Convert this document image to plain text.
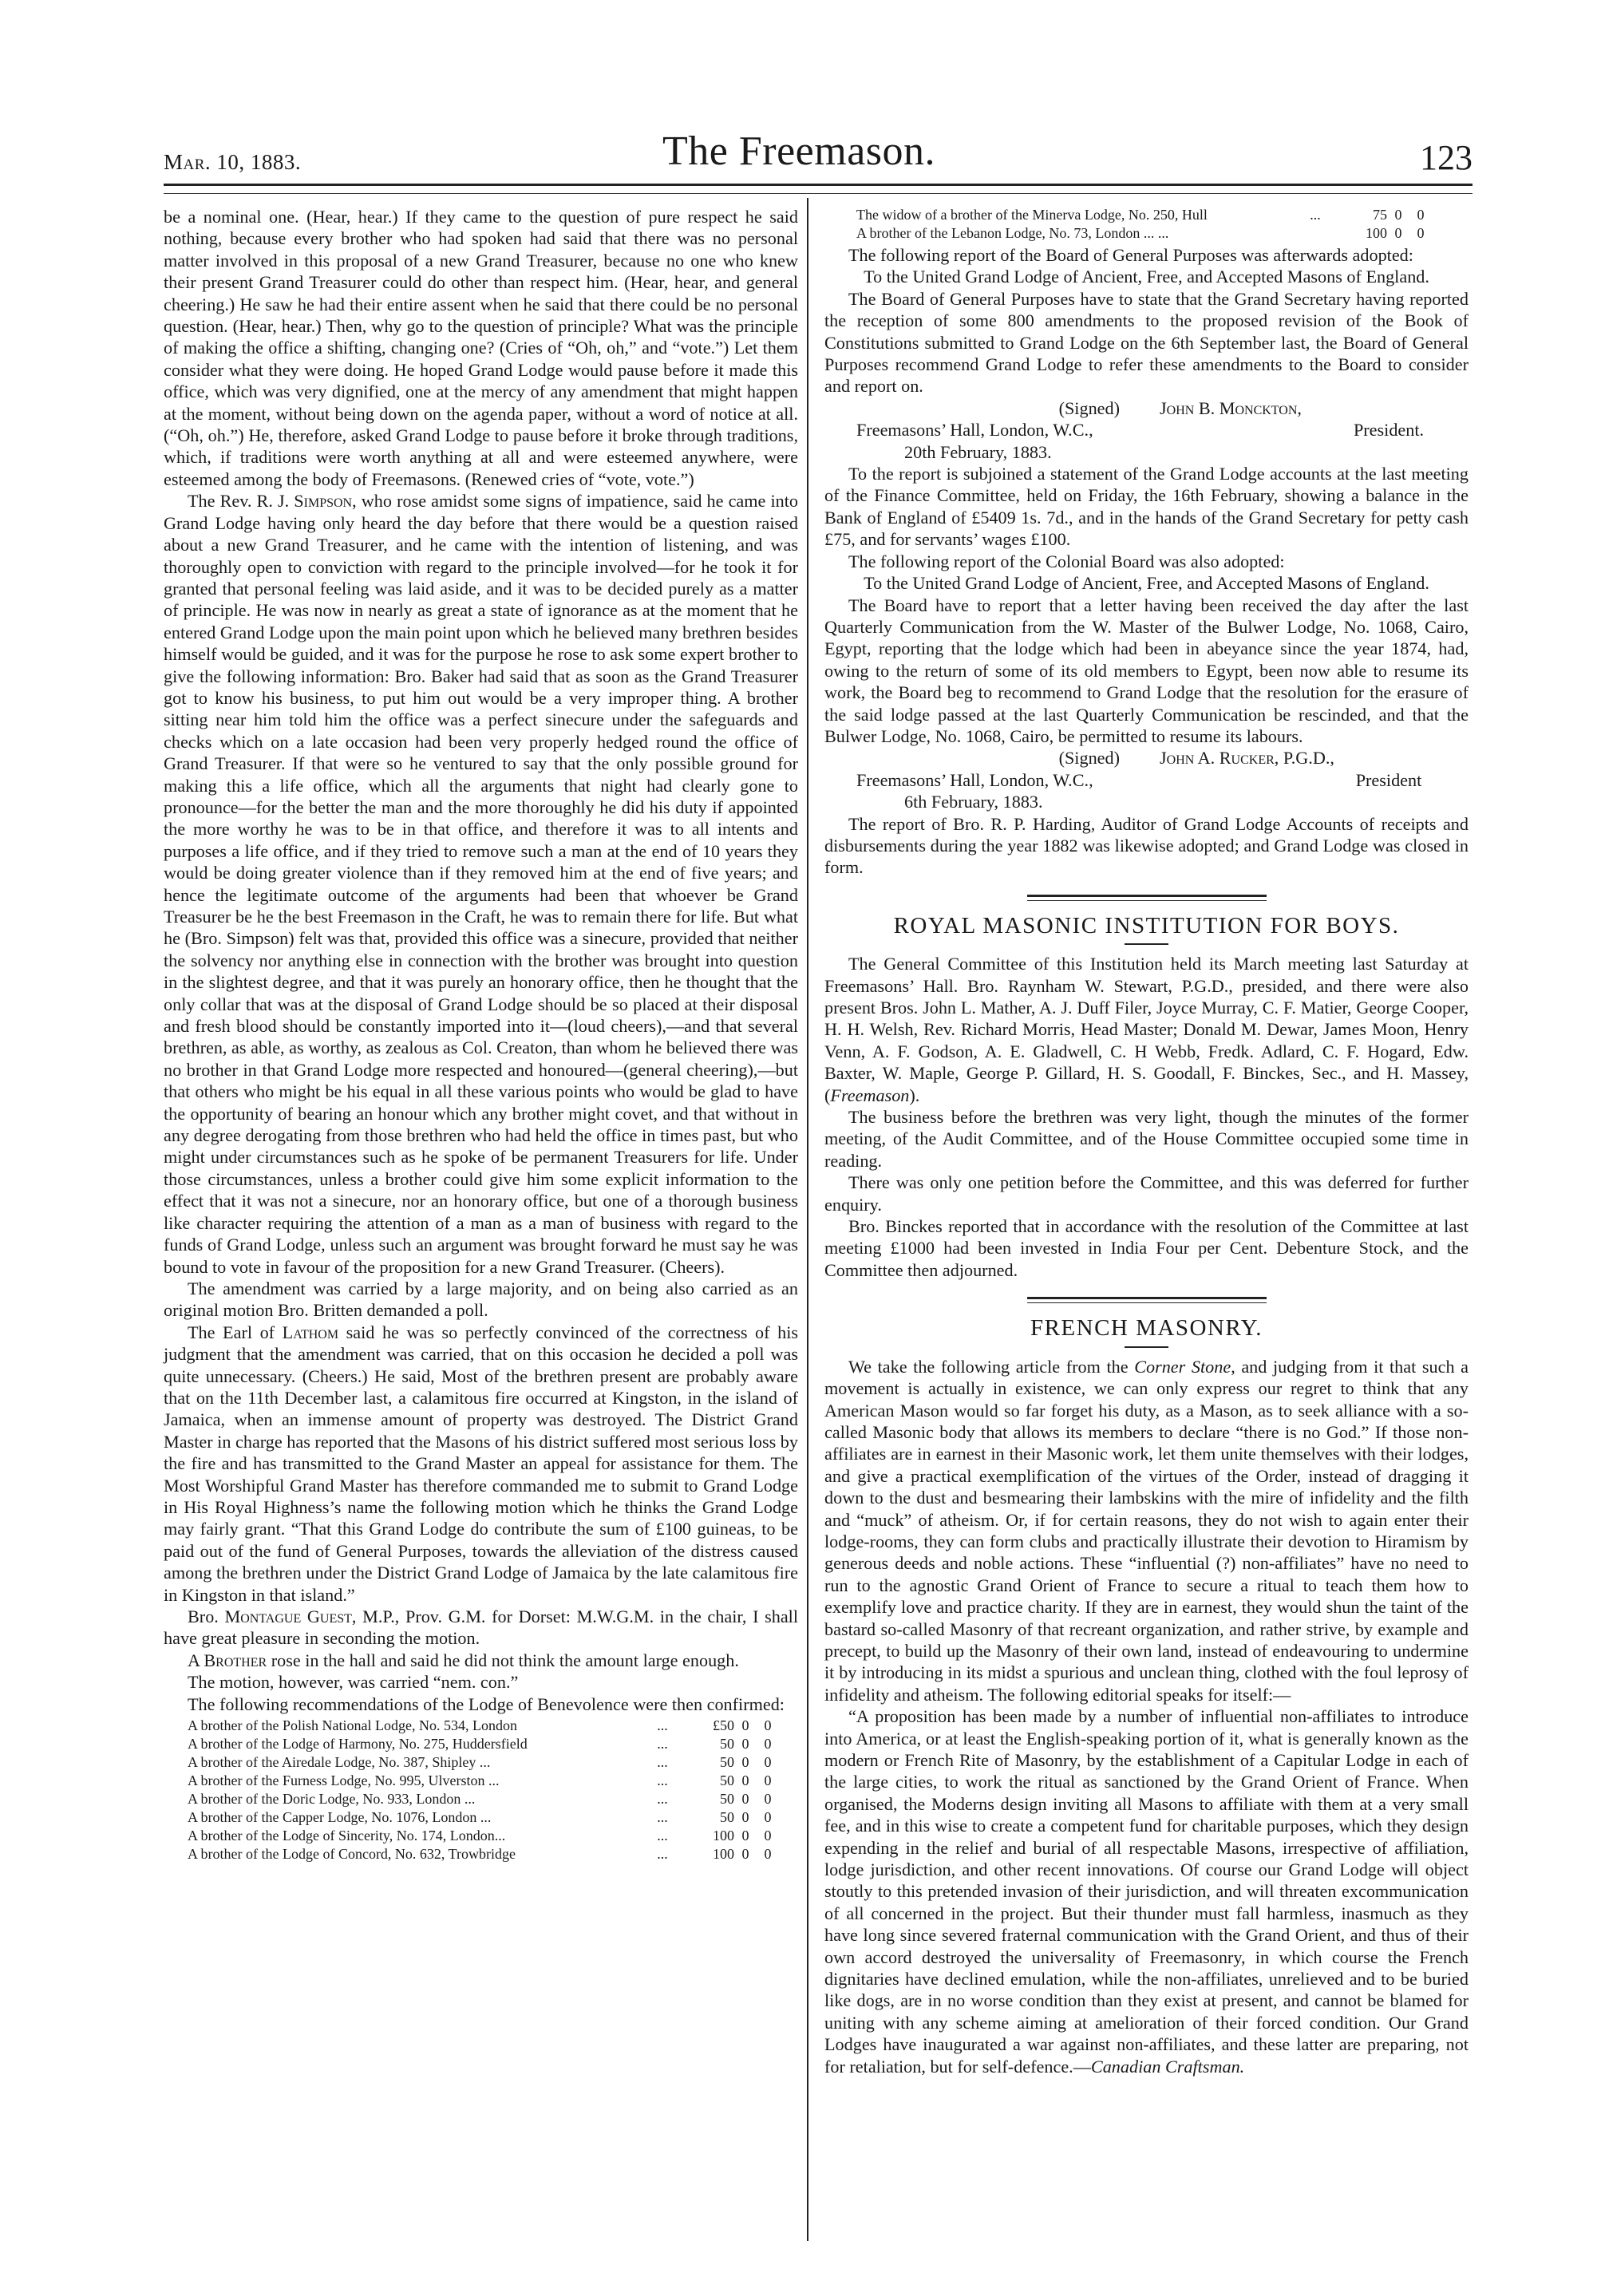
Mar. 10, 1883.	The Freemason.	123

be a nominal one. (Hear, hear.) If they came to the question of pure respect he said nothing, because every brother who had spoken had said that there was no personal matter involved in this proposal of a new Grand Treasurer, because no one who knew their present Grand Treasurer could do other than respect him. (Hear, hear, and general cheering.) He saw he had their entire assent when he said that there could be no personal question. (Hear, hear.) Then, why go to the question of principle? What was the principle of making the office a shifting, changing one? (Cries of “Oh, oh,” and “vote.”) Let them consider what they were doing. He hoped Grand Lodge would pause before it made this office, which was very dignified, one at the mercy of any amendment that might happen at the moment, without being down on the agenda paper, without a word of notice at all. (“Oh, oh.”) He, therefore, asked Grand Lodge to pause before it broke through traditions, which, if traditions were worth anything at all and were esteemed anywhere, were esteemed among the body of Freemasons. (Renewed cries of “vote, vote.”)

The Rev. R. J. Simpson, who rose amidst some signs of impatience, said he came into Grand Lodge having only heard the day before that there would be a question raised about a new Grand Treasurer, and he came with the intention of listening, and was thoroughly open to conviction with regard to the principle involved—for he took it for granted that personal feeling was laid aside, and it was to be decided purely as a matter of principle. He was now in nearly as great a state of ignorance as at the moment that he entered Grand Lodge upon the main point upon which he believed many brethren besides himself would be guided, and it was for the purpose he rose to ask some expert brother to give the following information: Bro. Baker had said that as soon as the Grand Treasurer got to know his business, to put him out would be a very improper thing. A brother sitting near him told him the office was a perfect sinecure under the safeguards and checks which on a late occasion had been very properly hedged round the office of Grand Treasurer. If that were so he ventured to say that the only possible ground for making this a life office, which all the arguments that night had clearly gone to pronounce—for the better the man and the more thoroughly he did his duty if appointed the more worthy he was to be in that office, and therefore it was to all intents and purposes a life office, and if they tried to remove such a man at the end of 10 years they would be doing greater violence than if they removed him at the end of five years; and hence the legitimate outcome of the arguments had been that whoever be Grand Treasurer be he the best Freemason in the Craft, he was to remain there for life. But what he (Bro. Simpson) felt was that, provided this office was a sinecure, provided that neither the solvency nor anything else in connection with the brother was brought into question in the slightest degree, and that it was purely an honorary office, then he thought that the only collar that was at the disposal of Grand Lodge should be so placed at their disposal and fresh blood should be constantly imported into it—(loud cheers),—and that several brethren, as able, as worthy, as zealous as Col. Creaton, than whom he believed there was no brother in that Grand Lodge more respected and honoured—(general cheering),—but that others who might be his equal in all these various points who would be glad to have the opportunity of bearing an honour which any brother might covet, and that without in any degree derogating from those brethren who had held the office in times past, but who might under circumstances such as he spoke of be permanent Treasurers for life. Under those circumstances, unless a brother could give him some explicit information to the effect that it was not a sinecure, nor an honorary office, but one of a thorough business like character requiring the attention of a man as a man of business with regard to the funds of Grand Lodge, unless such an argument was brought forward he must say he was bound to vote in favour of the proposition for a new Grand Treasurer. (Cheers).

The amendment was carried by a large majority, and on being also carried as an original motion Bro. Britten demanded a poll.

The Earl of Lathom said he was so perfectly convinced of the correctness of his judgment that the amendment was carried, that on this occasion he decided a poll was quite unnecessary. (Cheers.) He said, Most of the brethren present are probably aware that on the 11th December last, a calamitous fire occurred at Kingston, in the island of Jamaica, when an immense amount of property was destroyed. The District Grand Master in charge has reported that the Masons of his district suffered most serious loss by the fire and has transmitted to the Grand Master an appeal for assistance for them. The Most Worshipful Grand Master has therefore commanded me to submit to Grand Lodge in His Royal Highness’s name the following motion which he thinks the Grand Lodge may fairly grant. “That this Grand Lodge do contribute the sum of £100 guineas, to be paid out of the fund of General Purposes, towards the alleviation of the distress caused among the brethren under the District Grand Lodge of Jamaica by the late calamitous fire in Kingston in that island.”

Bro. Montague Guest, M.P., Prov. G.M. for Dorset: M.W.G.M. in the chair, I shall have great pleasure in seconding the motion.

A Brother rose in the hall and said he did not think the amount large enough.

The motion, however, was carried “nem. con.”

The following recommendations of the Lodge of Benevolence were then confirmed:

A brother of the Polish National Lodge, No. 534, London	...	£50 0	0
A brother of the Lodge of Harmony, No. 275, Huddersfield	...	50 0	0
A brother of the Airedale Lodge, No. 387, Shipley ...	...	50 0	0
A brother of the Furness Lodge, No. 995, Ulverston ...	...	50 0	0
A brother of the Doric Lodge, No. 933, London ...	...	50 0	0
A brother of the Capper Lodge, No. 1076, London ...	...	50 0	0
A brother of the Lodge of Sincerity, No. 174, London...	...	100 0	0
A brother of the Lodge of Concord, No. 632, Trowbridge	...	100 0	0
The widow of a brother of the Minerva Lodge, No. 250, Hull	...	75 0	0
A brother of the Lebanon Lodge, No. 73, London ... ...	100 0	0

The following report of the Board of General Purposes was afterwards adopted:

To the United Grand Lodge of Ancient, Free, and Accepted Masons of England.

The Board of General Purposes have to state that the Grand Secretary having reported the reception of some 800 amendments to the proposed revision of the Book of Constitutions submitted to Grand Lodge on the 6th September last, the Board of General Purposes recommend Grand Lodge to refer these amendments to the Board to consider and report on.

(Signed)	John B. Monckton,
Freemasons’ Hall, London, W.C.,	President.
20th February, 1883.

To the report is subjoined a statement of the Grand Lodge accounts at the last meeting of the Finance Committee, held on Friday, the 16th February, showing a balance in the Bank of England of £5409 1s. 7d., and in the hands of the Grand Secretary for petty cash £75, and for servants’ wages £100.

The following report of the Colonial Board was also adopted:

To the United Grand Lodge of Ancient, Free, and Accepted Masons of England.

The Board have to report that a letter having been received the day after the last Quarterly Communication from the W. Master of the Bulwer Lodge, No. 1068, Cairo, Egypt, reporting that the lodge which had been in abeyance since the year 1874, had, owing to the return of some of its old members to Egypt, been now able to resume its work, the Board beg to recommend to Grand Lodge that the resolution for the erasure of the said lodge passed at the last Quarterly Communication be rescinded, and that the Bulwer Lodge, No. 1068, Cairo, be permitted to resume its labours.

(Signed)	John A. Rucker, P.G.D.,
Freemasons’ Hall, London, W.C.,	President
6th February, 1883.

The report of Bro. R. P. Harding, Auditor of Grand Lodge Accounts of receipts and disbursements during the year 1882 was likewise adopted; and Grand Lodge was closed in form.

ROYAL MASONIC INSTITUTION FOR BOYS.

The General Committee of this Institution held its March meeting last Saturday at Freemasons’ Hall. Bro. Raynham W. Stewart, P.G.D., presided, and there were also present Bros. John L. Mather, A. J. Duff Filer, Joyce Murray, C. F. Matier, George Cooper, H. H. Welsh, Rev. Richard Morris, Head Master; Donald M. Dewar, James Moon, Henry Venn, A. F. Godson, A. E. Gladwell, C. H Webb, Fredk. Adlard, C. F. Hogard, Edw. Baxter, W. Maple, George P. Gillard, H. S. Goodall, F. Binckes, Sec., and H. Massey, (Freemason).

The business before the brethren was very light, though the minutes of the former meeting, of the Audit Committee, and of the House Committee occupied some time in reading.

There was only one petition before the Committee, and this was deferred for further enquiry.

Bro. Binckes reported that in accordance with the resolution of the Committee at last meeting £1000 had been invested in India Four per Cent. Debenture Stock, and the Committee then adjourned.

FRENCH MASONRY.

We take the following article from the Corner Stone, and judging from it that such a movement is actually in existence, we can only express our regret to think that any American Mason would so far forget his duty, as a Mason, as to seek alliance with a so-called Masonic body that allows its members to declare “there is no God.” If those non-affiliates are in earnest in their Masonic work, let them unite themselves with their lodges, and give a practical exemplification of the virtues of the Order, instead of dragging it down to the dust and besmearing their lambskins with the mire of infidelity and the filth and “muck” of atheism. Or, if for certain reasons, they do not wish to again enter their lodge-rooms, they can form clubs and practically illustrate their devotion to Hiramism by generous deeds and noble actions. These “influential (?) non-affiliates” have no need to run to the agnostic Grand Orient of France to secure a ritual to teach them how to exemplify love and practice charity. If they are in earnest, they would shun the taint of the bastard so-called Masonry of that recreant organization, and rather strive, by example and precept, to build up the Masonry of their own land, instead of endeavouring to undermine it by introducing in its midst a spurious and unclean thing, clothed with the foul leprosy of infidelity and atheism. The following editorial speaks for itself:—

“A proposition has been made by a number of influential non-affiliates to introduce into America, or at least the English-speaking portion of it, what is generally known as the modern or French Rite of Masonry, by the establishment of a Capitular Lodge in each of the large cities, to work the ritual as sanctioned by the Grand Orient of France. When organised, the Moderns design inviting all Masons to affiliate with them at a very small fee, and in this wise to create a competent fund for charitable purposes, which they design expending in the relief and burial of all respectable Masons, irrespective of affiliation, lodge jurisdiction, and other recent innovations. Of course our Grand Lodge will object stoutly to this pretended invasion of their jurisdiction, and will threaten excommunication of all concerned in the project. But their thunder must fall harmless, inasmuch as they have long since severed fraternal communication with the Grand Orient, and thus of their own accord destroyed the universality of Freemasonry, in which course the French dignitaries have declined emulation, while the non-affiliates, unrelieved and to be buried like dogs, are in no worse condition than they exist at present, and cannot be blamed for uniting with any scheme aiming at amelioration of their forced condition. Our Grand Lodges have inaugurated a war against non-affiliates, and these latter are preparing, not for retaliation, but for self-defence.—Canadian Craftsman.
